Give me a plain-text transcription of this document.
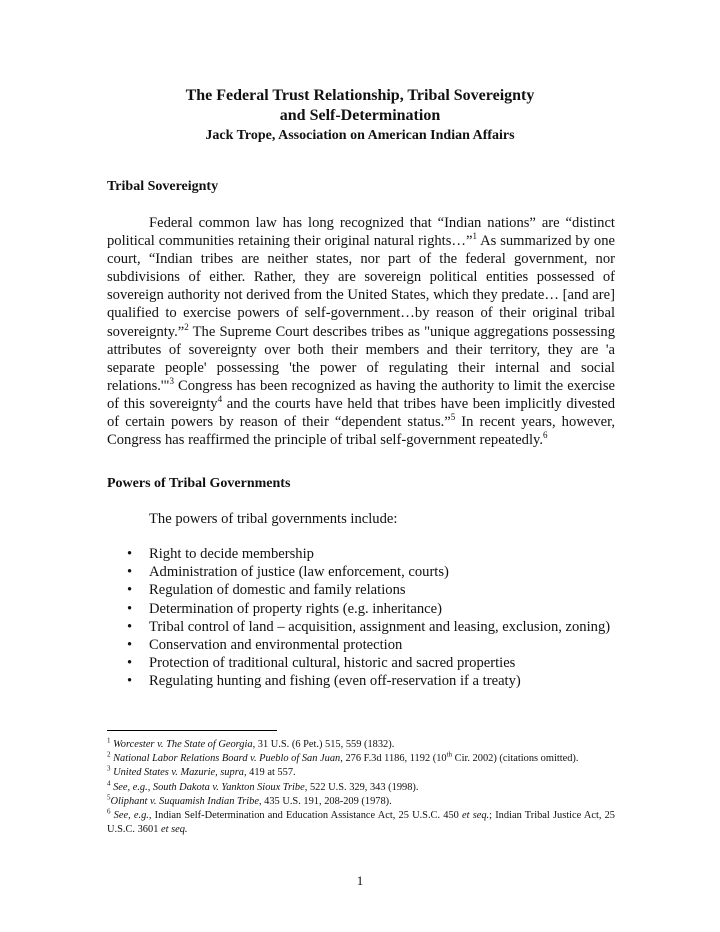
The Federal Trust Relationship, Tribal Sovereignty
and Self-Determination
Jack Trope, Association on American Indian Affairs
Tribal Sovereignty

Federal common law has long recognized that “Indian nations” are “distinct political communities retaining their original natural rights…”$^1$ As summarized by one court, “Indian tribes are neither states, nor part of the federal government, nor subdivisions of either. Rather, they are sovereign political entities possessed of sovereign authority not derived from the United States, which they predate… [and are] qualified to exercise powers of self-government…by reason of their original tribal sovereignty.”$^2$ The Supreme Court describes tribes as "unique aggregations possessing attributes of sovereignty over both their members and their territory, they are 'a separate people' possessing 'the power of regulating their internal and social relations.'"$^3$ Congress has been recognized as having the authority to limit the exercise of this sovereignty$^4$ and the courts have held that tribes have been implicitly divested of certain powers by reason of their “dependent status.”$^5$ In recent years, however, Congress has reaffirmed the principle of tribal self-government repeatedly.$^6$

Powers of Tribal Governments
The powers of tribal governments include:
• Right to decide membership
• Administration of justice (law enforcement, courts)
• Regulation of domestic and family relations
• Determination of property rights (e.g. inheritance)
• Tribal control of land – acquisition, assignment and leasing, exclusion, zoning)
• Conservation and environmental protection
• Protection of traditional cultural, historic and sacred properties
• Regulating hunting and fishing (even off-reservation if a treaty)

$^1$ Worcester v. The State of Georgia, 31 U.S. (6 Pet.) 515, 559 (1832).

$^2$ National Labor Relations Board v. Pueblo of San Juan, 276 F.3d 1186, 1192 (10th Cir. 2002) (citations omitted).

$^3$ United States v. Mazurie, supra, 419 at 557.

$^4$ See, e.g., South Dakota v. Yankton Sioux Tribe, 522 U.S. 329, 343 (1998).

$^5$Oliphant v. Suquamish Indian Tribe, 435 U.S. 191, 208-209 (1978).

$^6$ See, e.g., Indian Self-Determination and Education Assistance Act, 25 U.S.C. 450 et seq.; Indian Tribal Justice Act, 25 U.S.C. 3601 et seq.

1
